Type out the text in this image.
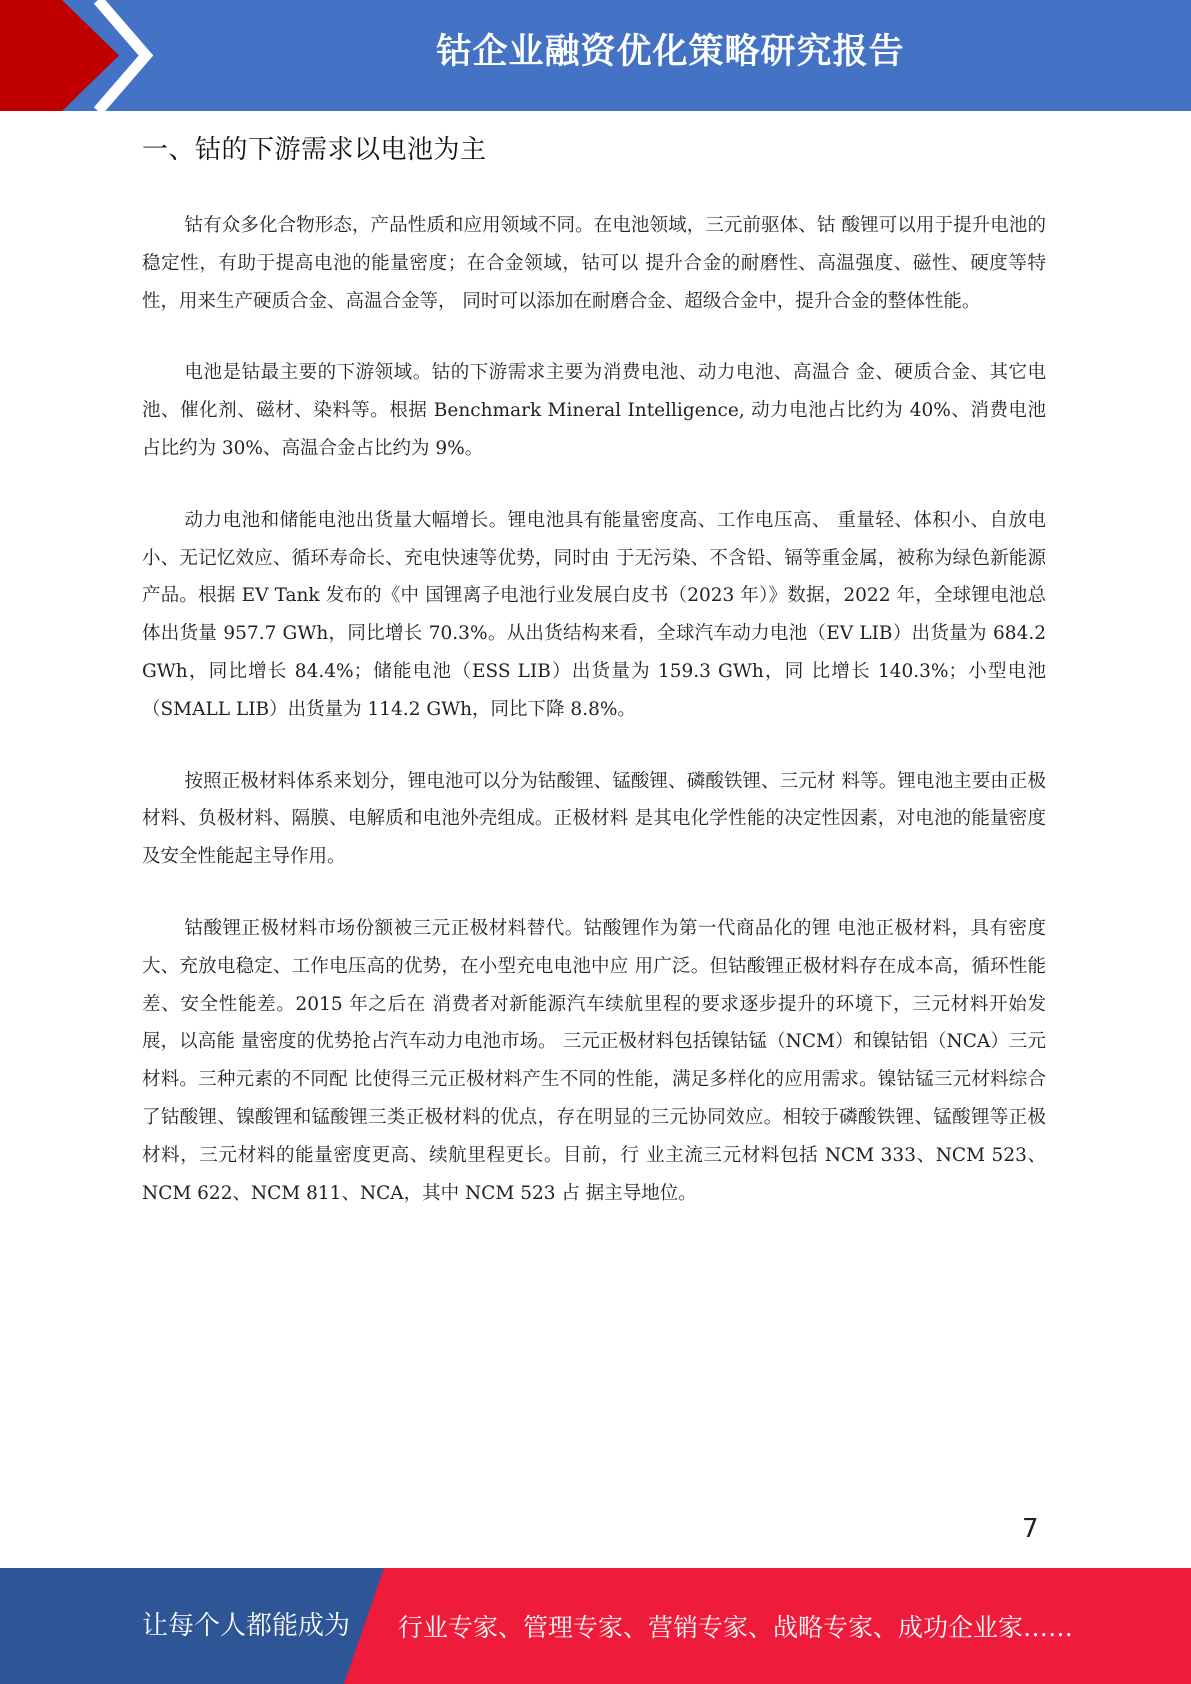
钴企业融资优化策略研究报告
一、钴的下游需求以电池为主

钴有众多化合物形态，产品性质和应用领域不同。在电池领域，三元前驱体、钴 酸锂可以用于提升电池的稳定性，有助于提高电池的能量密度；在合金领域，钴可以 提升合金的耐磨性、高温强度、磁性、硬度等特性，用来生产硬质合金、高温合金等， 同时可以添加在耐磨合金、超级合金中，提升合金的整体性能。

电池是钴最主要的下游领域。钴的下游需求主要为消费电池、动力电池、高温合 金、硬质合金、其它电池、催化剂、磁材、染料等。根据 Benchmark Mineral Intelligence, 动力电池占比约为 40%、消费电池占比约为 30%、高温合金占比约为 9%。

动力电池和储能电池出货量大幅增长。锂电池具有能量密度高、工作电压高、 重量轻、体积小、自放电小、无记忆效应、循环寿命长、充电快速等优势，同时由 于无污染、不含铅、镉等重金属，被称为绿色新能源产品。根据 EV Tank 发布的《中 国锂离子电池行业发展白皮书（2023 年）》数据，2022 年，全球锂电池总体出货量 957.7 GWh，同比增长 70.3%。从出货结构来看，全球汽车动力电池（EV LIB）出货量为 684.2 GWh，同比增长 84.4%；储能电池（ESS LIB）出货量为 159.3 GWh，同 比增长 140.3%；小型电池（SMALL LIB）出货量为 114.2 GWh，同比下降 8.8%。

按照正极材料体系来划分，锂电池可以分为钴酸锂、锰酸锂、磷酸铁锂、三元材 料等。锂电池主要由正极材料、负极材料、隔膜、电解质和电池外壳组成。正极材料 是其电化学性能的决定性因素，对电池的能量密度及安全性能起主导作用。

钴酸锂正极材料市场份额被三元正极材料替代。钴酸锂作为第一代商品化的锂 电池正极材料，具有密度大、充放电稳定、工作电压高的优势，在小型充电电池中应 用广泛。但钴酸锂正极材料存在成本高，循环性能差、安全性能差。2015 年之后在 消费者对新能源汽车续航里程的要求逐步提升的环境下，三元材料开始发展，以高能 量密度的优势抢占汽车动力电池市场。 三元正极材料包括镍钴锰（NCM）和镍钴铝（NCA）三元材料。三种元素的不同配 比使得三元正极材料产生不同的性能，满足多样化的应用需求。镍钴锰三元材料综合 了钴酸锂、镍酸锂和锰酸锂三类正极材料的优点，存在明显的三元协同效应。相较于磷酸铁锂、锰酸锂等正极材料，三元材料的能量密度更高、续航里程更长。目前，行 业主流三元材料包括 NCM 333、NCM 523、NCM 622、NCM 811、NCA，其中 NCM 523 占 据主导地位。

7
让每个人都能成为 行业专家、管理专家、营销专家、战略专家、成功企业家……
